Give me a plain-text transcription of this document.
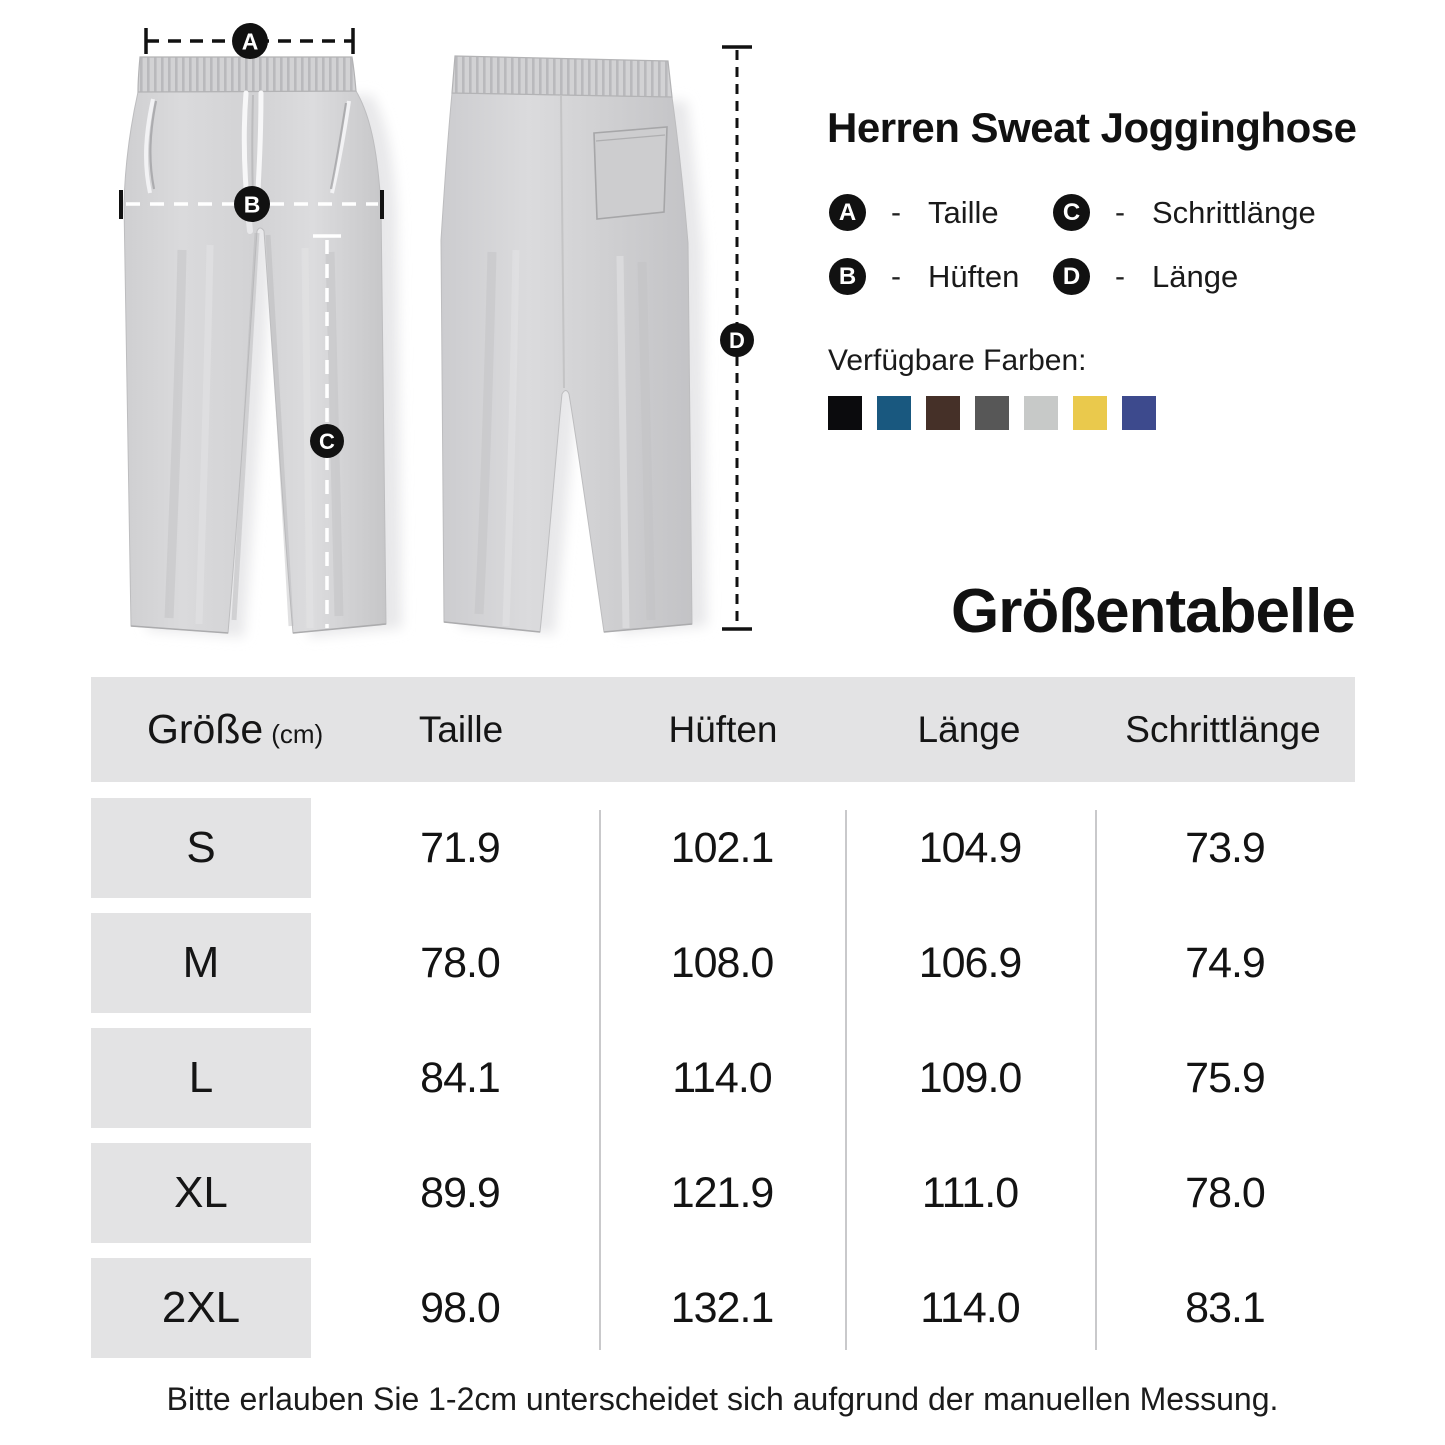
A
B
C
D
Herren Sweat Jogginghose
A	- Taille	C	- Schrittlänge
B	- Hüften	D	- Länge
Verfügbare Farben:
Größentabelle
Größe (cm)	Taille	Hüften	Länge	Schrittlänge
S	71.9	102.1	104.9	73.9
M	78.0	108.0	106.9	74.9
L	84.1	114.0	109.0	75.9
XL	89.9	121.9	111.0	78.0
2XL	98.0	132.1	114.0	83.1
Bitte erlauben Sie 1-2cm unterscheidet sich aufgrund der manuellen Messung.
